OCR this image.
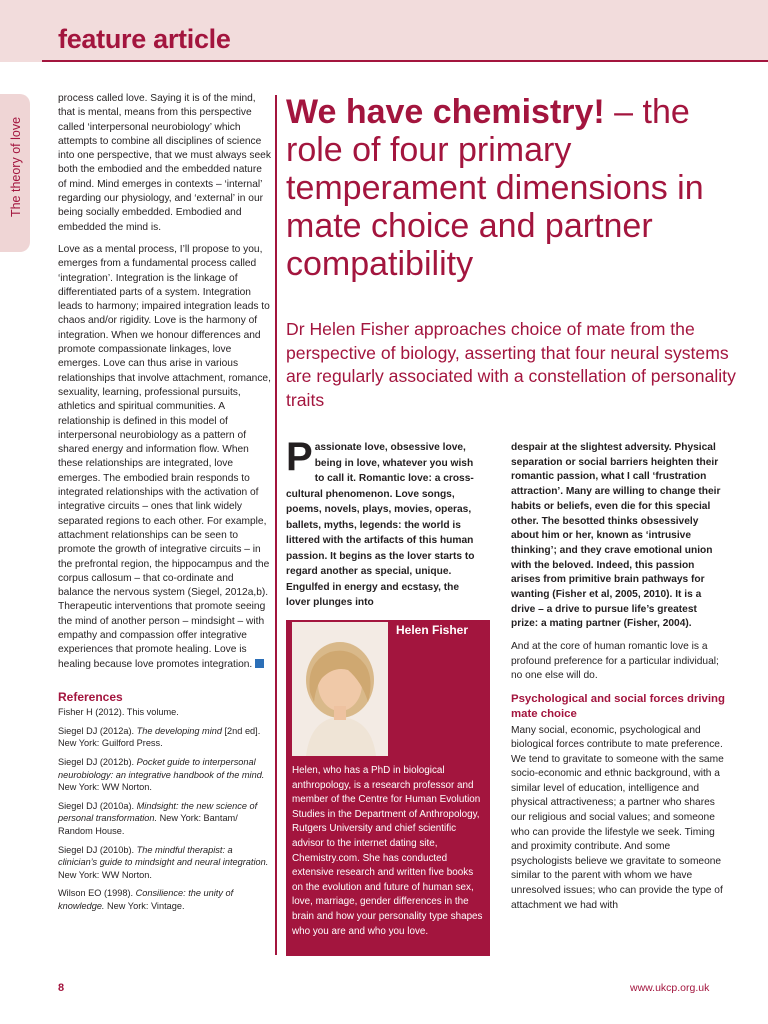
feature article
The theory of love

process called love. Saying it is of the mind, that is mental, means from this perspective called ‘interpersonal neurobiology’ which attempts to combine all disciplines of science into one perspective, that we must always seek both the embodied and the embedded nature of mind. Mind emerges in contexts – ‘internal’ regarding our physiology, and ‘external’ in our being socially embedded. Embodied and embedded the mind is.

Love as a mental process, I’ll propose to you, emerges from a fundamental process called ‘integration’. Integration is the linkage of differentiated parts of a system. Integration leads to harmony; impaired integration leads to chaos and/or rigidity. Love is the harmony of integration. When we honour differences and promote compassionate linkages, love emerges. Love can thus arise in various relationships that involve attachment, romance, sexuality, learning, professional pursuits, athletics and spiritual communities. A relationship is defined in this model of interpersonal neurobiology as a pattern of shared energy and information flow. When these relationships are integrated, love emerges. The embodied brain responds to integrated relationships with the activation of integrative circuits – ones that link widely separated regions to each other. For example, attachment relationships can be seen to promote the growth of integrative circuits – in the prefrontal region, the hippocampus and the corpus callosum – that co-ordinate and balance the nervous system (Siegel, 2012a,b). Therapeutic interventions that promote seeing the mind of another person – mindsight – with empathy and compassion offer integrative experiences that promote healing. Love is healing because love promotes integration.

References
Fisher H (2012). This volume.
Siegel DJ (2012a). The developing mind [2nd ed]. New York: Guilford Press.
Siegel DJ (2012b). Pocket guide to interpersonal neurobiology: an integrative handbook of the mind. New York: WW Norton.
Siegel DJ (2010a). Mindsight: the new science of personal transformation. New York: Bantam/ Random House.
Siegel DJ (2010b). The mindful therapist: a clinician’s guide to mindsight and neural integration. New York: WW Norton.
Wilson EO (1998). Consilience: the unity of knowledge. New York: Vintage.
We have chemistry! – the role of four primary temperament dimensions in mate choice and partner compatibility
Dr Helen Fisher approaches choice of mate from the perspective of biology, asserting that four neural systems are regularly associated with a constellation of personality traits
Passionate love, obsessive love, being in love, whatever you wish to call it. Romantic love: a cross-cultural phenomenon. Love songs, poems, novels, plays, movies, operas, ballets, myths, legends: the world is littered with the artifacts of this human passion. It begins as the lover starts to regard another as special, unique. Engulfed in energy and ecstasy, the lover plunges into
Helen Fisher
Helen, who has a PhD in biological anthropology, is a research professor and member of the Centre for Human Evolution Studies in the Department of Anthropology, Rutgers University and chief scientific advisor to the internet dating site, Chemistry.com. She has conducted extensive research and written five books on the evolution and future of human sex, love, marriage, gender differences in the brain and how your personality type shapes who you are and who you love.

despair at the slightest adversity. Physical separation or social barriers heighten their romantic passion, what I call ‘frustration attraction’. Many are willing to change their habits or beliefs, even die for this special other. The besotted thinks obsessively about him or her, known as ‘intrusive thinking’; and they crave emotional union with the beloved. Indeed, this passion arises from primitive brain pathways for wanting (Fisher et al, 2005, 2010). It is a drive – a drive to pursue life’s greatest prize: a mating partner (Fisher, 2004).

And at the core of human romantic love is a profound preference for a particular individual; no one else will do.

Psychological and social forces driving mate choice

Many social, economic, psychological and biological forces contribute to mate preference. We tend to gravitate to someone with the same socio-economic and ethnic background, with a similar level of education, intelligence and physical attractiveness; a partner who shares our religious and social values; and someone who can provide the lifestyle we seek. Timing and proximity contribute. And some psychologists believe we gravitate to someone similar to the parent with whom we have unresolved issues; who can provide the type of attachment we had with

8	www.ukcp.org.uk
